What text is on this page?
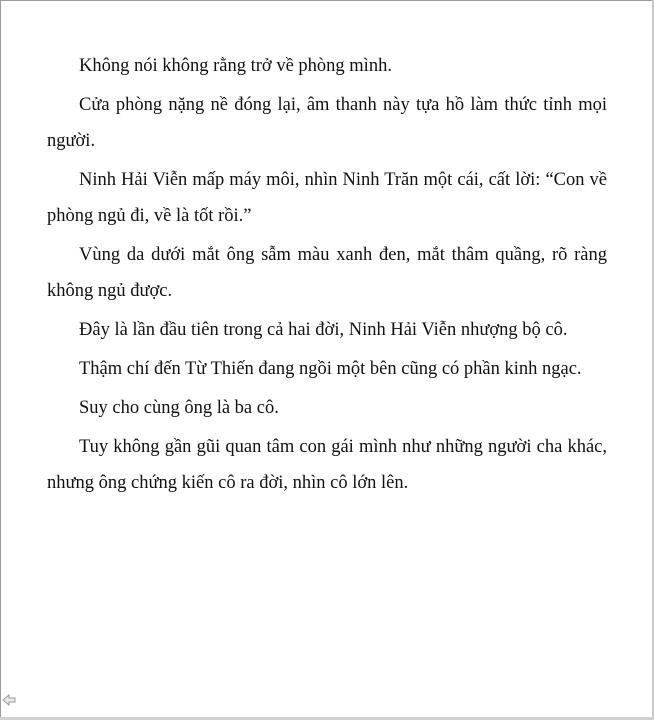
Không nói không rằng trở về phòng mình.

Cửa phòng nặng nề đóng lại, âm thanh này tựa hồ làm thức tỉnh mọi người.

Ninh Hải Viễn mấp máy môi, nhìn Ninh Trăn một cái, cất lời: “Con về phòng ngủ đi, về là tốt rồi.”

Vùng da dưới mắt ông sẫm màu xanh đen, mắt thâm quầng, rõ ràng không ngủ được.

Đây là lần đầu tiên trong cả hai đời, Ninh Hải Viễn nhượng bộ cô.

Thậm chí đến Từ Thiến đang ngồi một bên cũng có phần kinh ngạc.

Suy cho cùng ông là ba cô.

Tuy không gần gũi quan tâm con gái mình như những người cha khác, nhưng ông chứng kiến cô ra đời, nhìn cô lớn lên.
